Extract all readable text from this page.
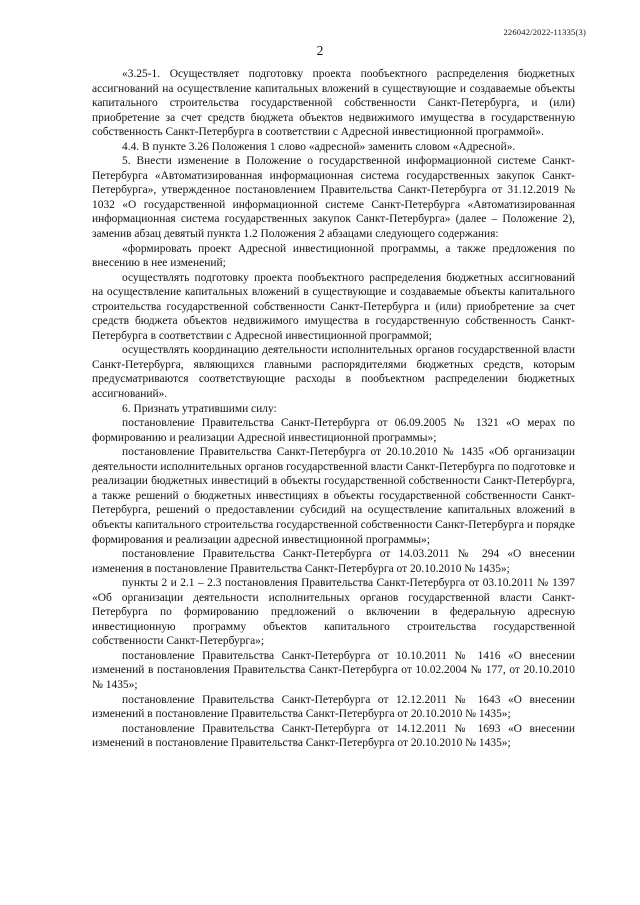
226042/2022-11335(3)
2

«3.25-1. Осуществляет подготовку проекта пообъектного распределения бюджетных ассигнований на осуществление капитальных вложений в существующие и создаваемые объекты капитального строительства государственной собственности Санкт-Петербурга, и (или) приобретение за счет средств бюджета объектов недвижимого имущества в государственную собственность Санкт-Петербурга в соответствии с Адресной инвестиционной программой».

4.4. В пункте 3.26 Положения 1 слово «адресной» заменить словом «Адресной».

5. Внести изменение в Положение о государственной информационной системе Санкт-Петербурга «Автоматизированная информационная система государственных закупок Санкт-Петербурга», утвержденное постановлением Правительства Санкт-Петербурга от 31.12.2019 № 1032 «О государственной информационной системе Санкт-Петербурга «Автоматизированная информационная система государственных закупок Санкт-Петербурга» (далее – Положение 2), заменив абзац девятый пункта 1.2 Положения 2 абзацами следующего содержания:

«формировать проект Адресной инвестиционной программы, а также предложения по внесению в нее изменений;

осуществлять подготовку проекта пообъектного распределения бюджетных ассигнований на осуществление капитальных вложений в существующие и создаваемые объекты капитального строительства государственной собственности Санкт-Петербурга и (или) приобретение за счет средств бюджета объектов недвижимого имущества в государственную собственность Санкт-Петербурга в соответствии с Адресной инвестиционной программой;

осуществлять координацию деятельности исполнительных органов государственной власти Санкт-Петербурга, являющихся главными распорядителями бюджетных средств, которым предусматриваются соответствующие расходы в пообъектном распределении бюджетных ассигнований».

6. Признать утратившими силу:

постановление Правительства Санкт-Петербурга от 06.09.2005 № 1321 «О мерах по формированию и реализации Адресной инвестиционной программы»;

постановление Правительства Санкт-Петербурга от 20.10.2010 № 1435 «Об организации деятельности исполнительных органов государственной власти Санкт-Петербурга по подготовке и реализации бюджетных инвестиций в объекты государственной собственности Санкт-Петербурга, а также решений о бюджетных инвестициях в объекты государственной собственности Санкт-Петербурга, решений о предоставлении субсидий на осуществление капитальных вложений в объекты капитального строительства государственной собственности Санкт-Петербурга и порядке формирования и реализации адресной инвестиционной программы»;

постановление Правительства Санкт-Петербурга от 14.03.2011 № 294 «О внесении изменения в постановление Правительства Санкт-Петербурга от 20.10.2010 № 1435»;

пункты 2 и 2.1 – 2.3 постановления Правительства Санкт-Петербурга от 03.10.2011 № 1397 «Об организации деятельности исполнительных органов государственной власти Санкт-Петербурга по формированию предложений о включении в федеральную адресную инвестиционную программу объектов капитального строительства государственной собственности Санкт-Петербурга»;

постановление Правительства Санкт-Петербурга от 10.10.2011 № 1416 «О внесении изменений в постановления Правительства Санкт-Петербурга от 10.02.2004 № 177, от 20.10.2010 № 1435»;

постановление Правительства Санкт-Петербурга от 12.12.2011 № 1643 «О внесении изменений в постановление Правительства Санкт-Петербурга от 20.10.2010 № 1435»;

постановление Правительства Санкт-Петербурга от 14.12.2011 № 1693 «О внесении изменений в постановление Правительства Санкт-Петербурга от 20.10.2010 № 1435»;
